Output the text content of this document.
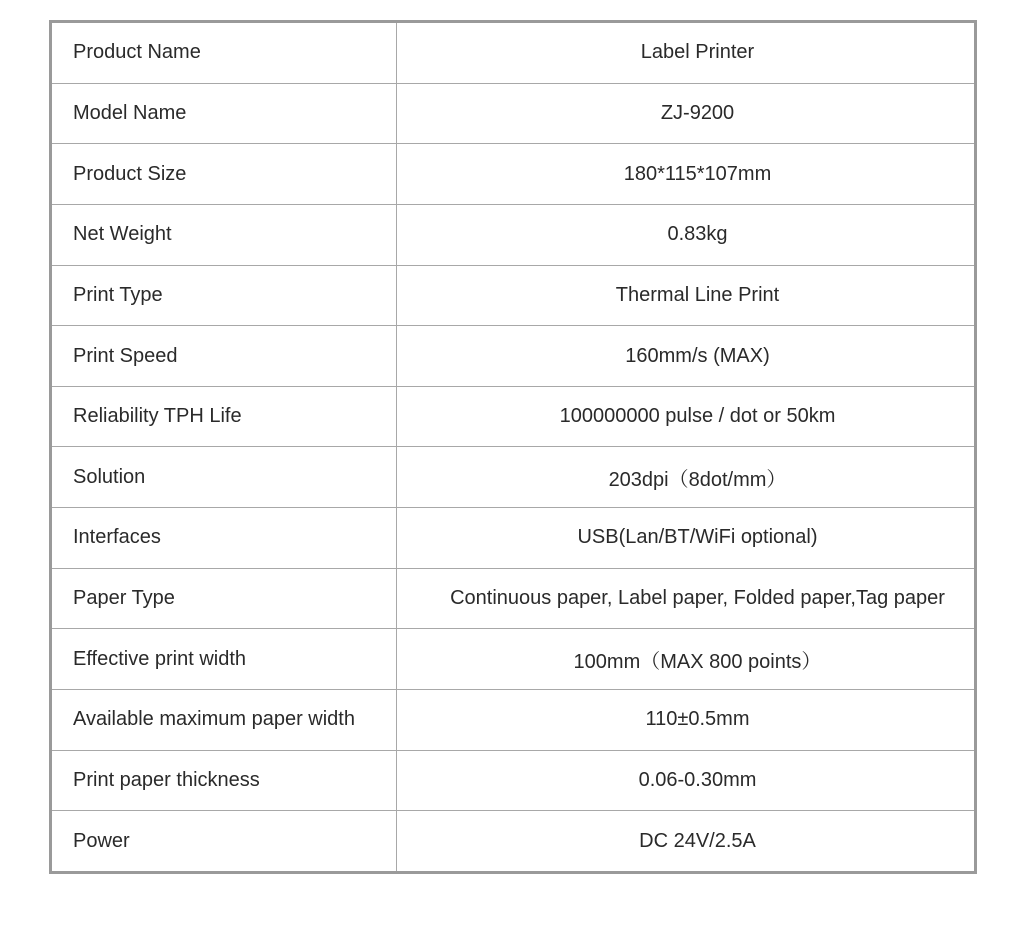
Product Name	Label Printer
Model Name	ZJ-9200
Product Size	180*115*107mm
Net Weight	0.83kg
Print Type	Thermal Line Print
Print Speed	160mm/s (MAX)
Reliability TPH Life	100000000 pulse / dot or 50km
Solution	203dpi（8dot/mm）
Interfaces	USB(Lan/BT/WiFi optional)
Paper Type	Continuous paper, Label paper, Folded paper,Tag paper
Effective print width	100mm（MAX 800 points）
Available maximum paper width	110±0.5mm
Print paper thickness	0.06-0.30mm
Power	DC 24V/2.5A
